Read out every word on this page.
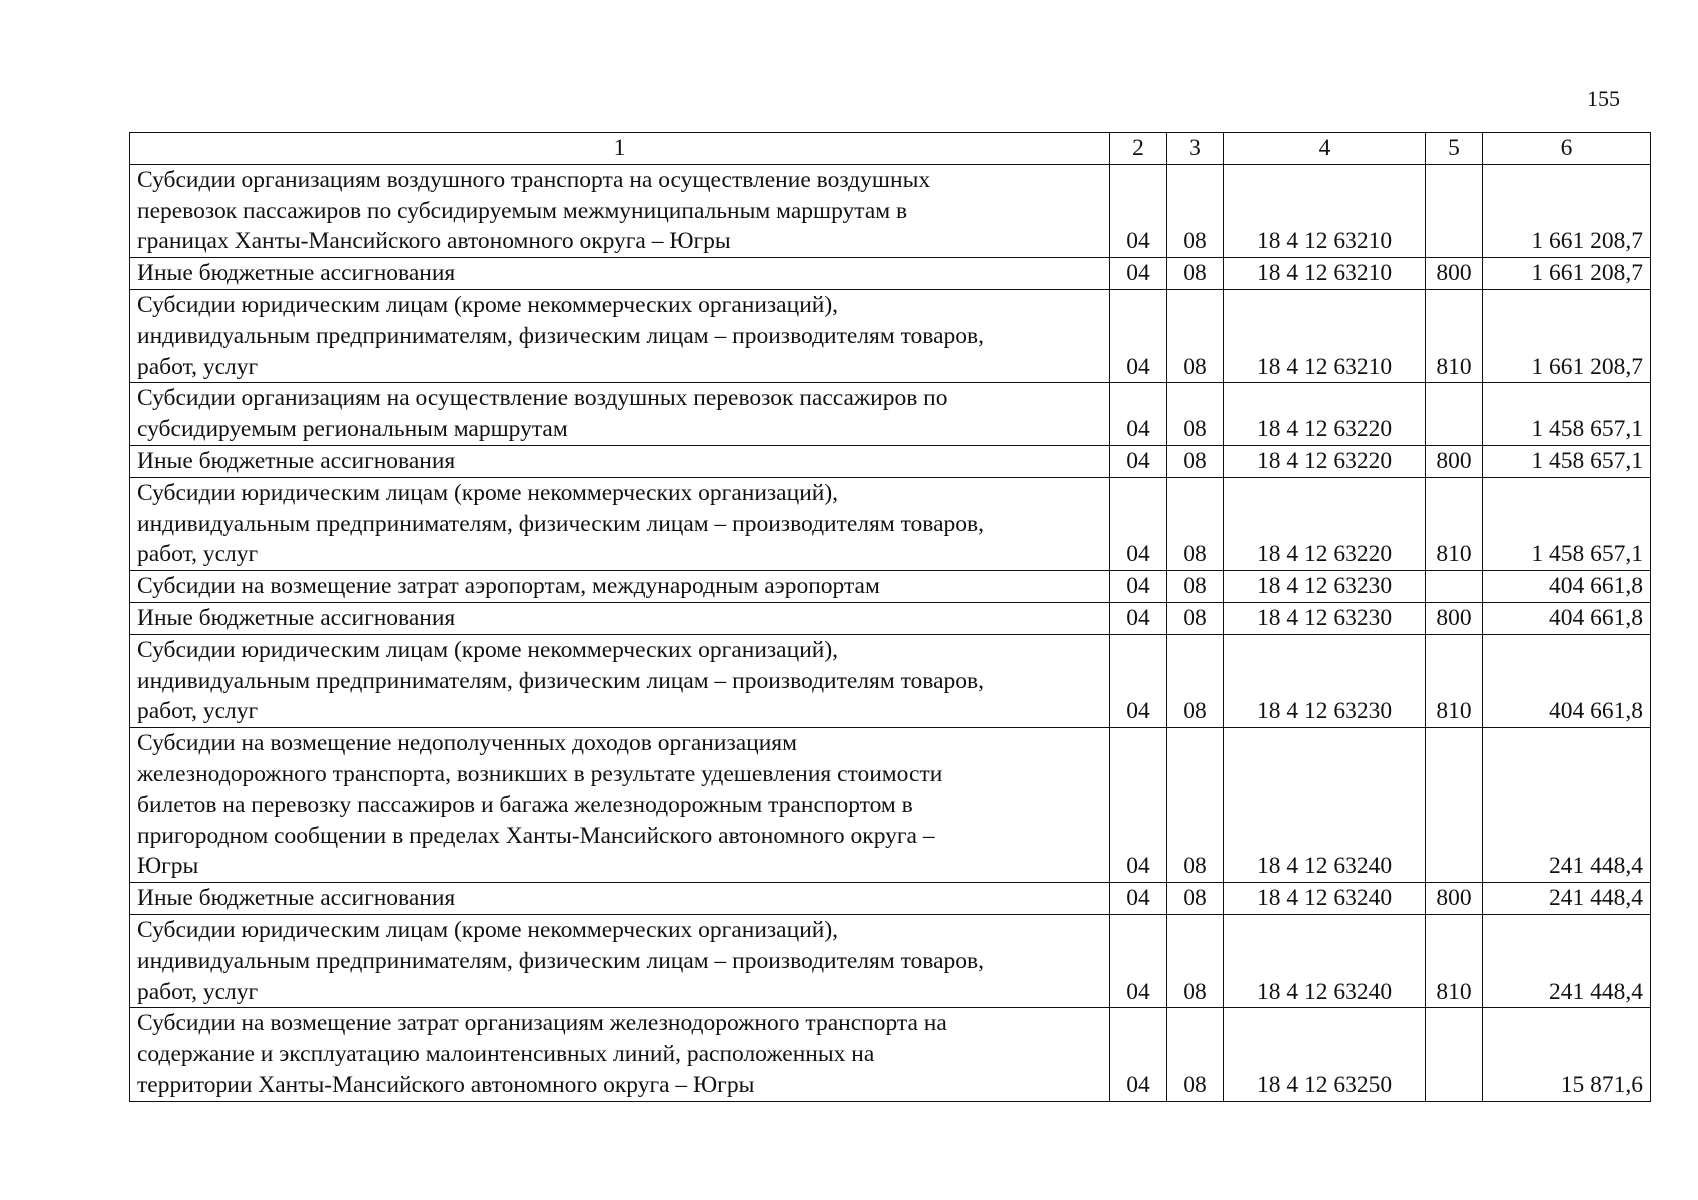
155
1	2	3	4	5	6
Субсидии организациям воздушного транспорта на осуществление воздушных
перевозок пассажиров по субсидируемым межмуниципальным маршрутам в
границах Ханты-Мансийского автономного округа – Югры	04	08	18 4 12 63210		1 661 208,7
Иные бюджетные ассигнования	04	08	18 4 12 63210	800	1 661 208,7
Субсидии юридическим лицам (кроме некоммерческих организаций),
индивидуальным предпринимателям, физическим лицам – производителям товаров,
работ, услуг	04	08	18 4 12 63210	810	1 661 208,7
Субсидии организациям на осуществление воздушных перевозок пассажиров по
субсидируемым региональным маршрутам	04	08	18 4 12 63220		1 458 657,1
Иные бюджетные ассигнования	04	08	18 4 12 63220	800	1 458 657,1
Субсидии юридическим лицам (кроме некоммерческих организаций),
индивидуальным предпринимателям, физическим лицам – производителям товаров,
работ, услуг	04	08	18 4 12 63220	810	1 458 657,1
Субсидии на возмещение затрат аэропортам, международным аэропортам	04	08	18 4 12 63230		404 661,8
Иные бюджетные ассигнования	04	08	18 4 12 63230	800	404 661,8
Субсидии юридическим лицам (кроме некоммерческих организаций),
индивидуальным предпринимателям, физическим лицам – производителям товаров,
работ, услуг	04	08	18 4 12 63230	810	404 661,8
Субсидии на возмещение недополученных доходов организациям
железнодорожного транспорта, возникших в результате удешевления стоимости
билетов на перевозку пассажиров и багажа железнодорожным транспортом в
пригородном сообщении в пределах Ханты-Мансийского автономного округа –
Югры	04	08	18 4 12 63240		241 448,4
Иные бюджетные ассигнования	04	08	18 4 12 63240	800	241 448,4
Субсидии юридическим лицам (кроме некоммерческих организаций),
индивидуальным предпринимателям, физическим лицам – производителям товаров,
работ, услуг	04	08	18 4 12 63240	810	241 448,4
Субсидии на возмещение затрат организациям железнодорожного транспорта на
содержание и эксплуатацию малоинтенсивных линий, расположенных на
территории Ханты-Мансийского автономного округа – Югры	04	08	18 4 12 63250		15 871,6
